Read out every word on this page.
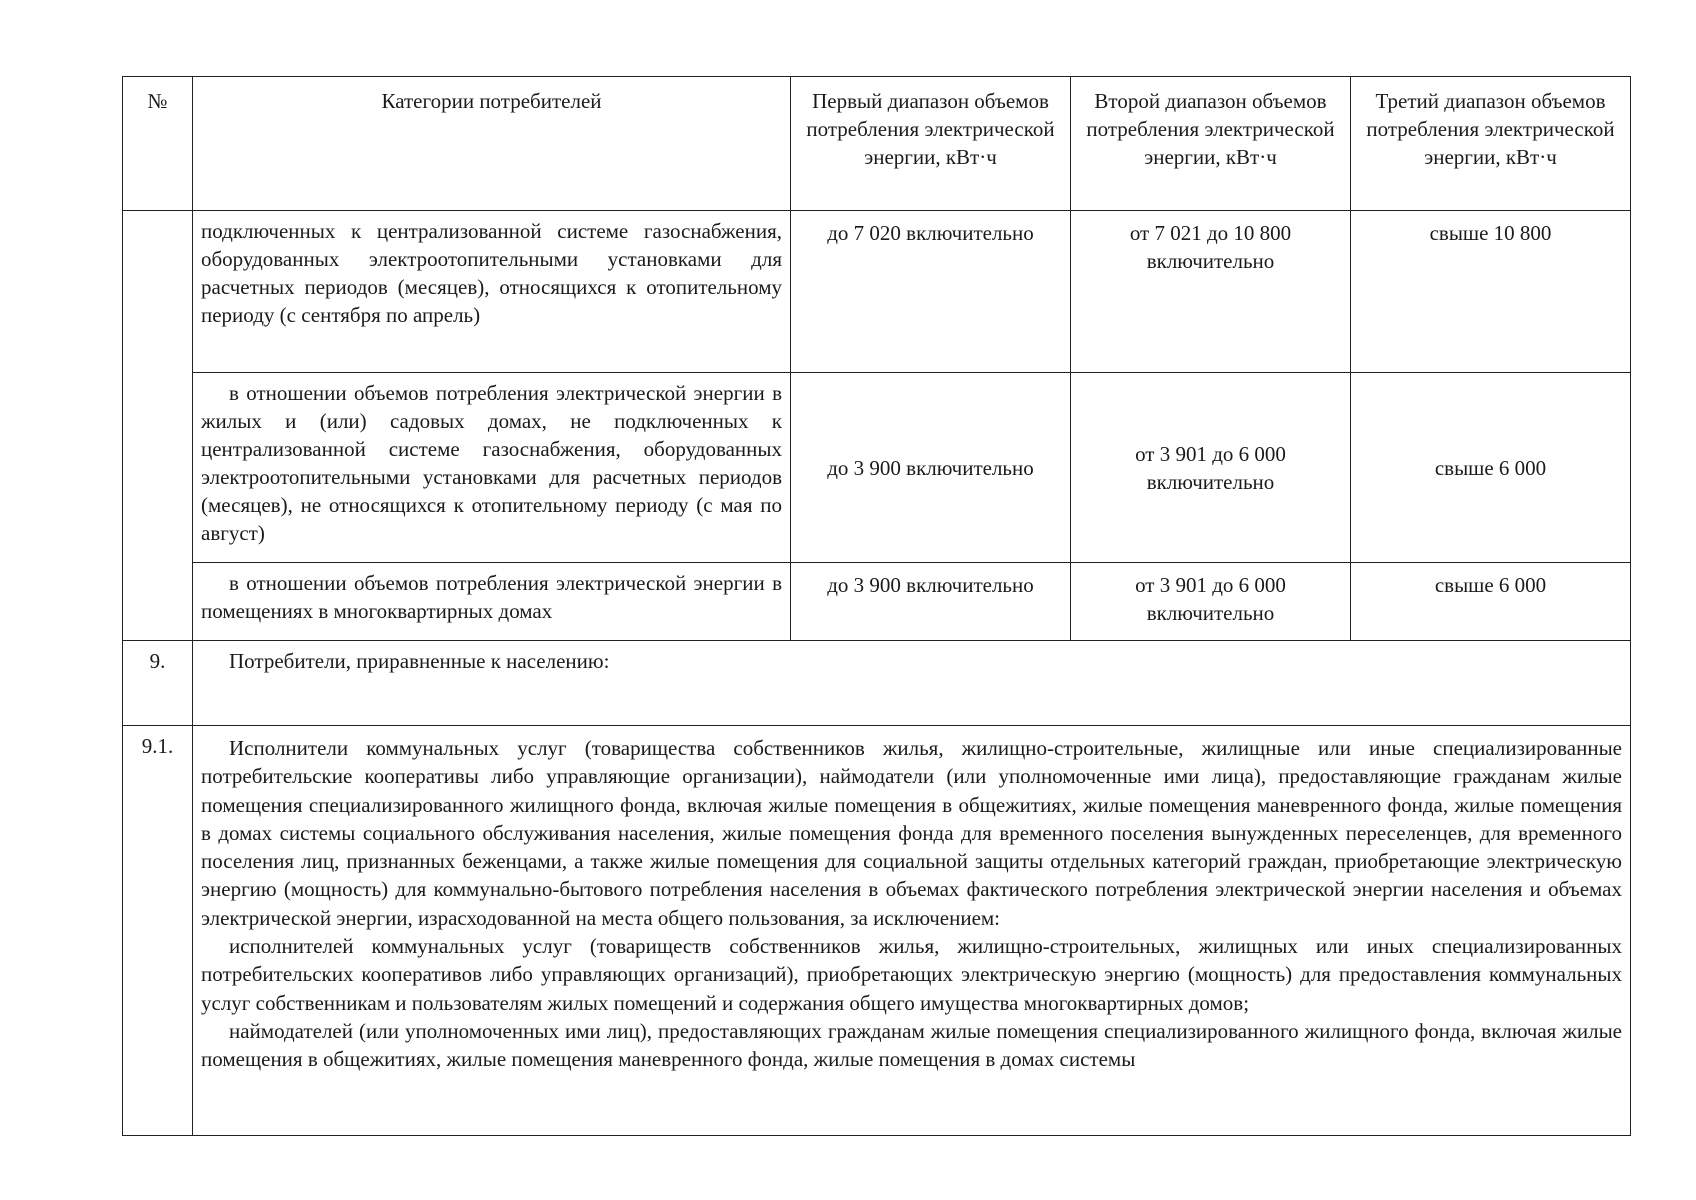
№	Категории потребителей	Первый диапазон объемов потребления электрической энергии, кВт·ч	Второй диапазон объемов потребления электрической энергии, кВт·ч	Третий диапазон объемов потребления электрической энергии, кВт·ч

	подключенных к централизованной системе газоснабжения, оборудованных электроотопительными установками для расчетных периодов (месяцев), относящихся к отопительному периоду (с сентября по апрель)	до 7 020 включительно	от 7 021 до 10 800 включительно	свыше 10 800

	в отношении объемов потребления электрической энергии в жилых и (или) садовых домах, не подключенных к централизованной системе газоснабжения, оборудованных электроотопительными установками для расчетных периодов (месяцев), не относящихся к отопительному периоду (с мая по август)	до 3 900 включительно	от 3 901 до 6 000 включительно	свыше 6 000

	в отношении объемов потребления электрической энергии в помещениях в многоквартирных домах	до 3 900 включительно	от 3 901 до 6 000 включительно	свыше 6 000
9.	Потребители, приравненные к населению:			

9.1.	Исполнители коммунальных услуг (товарищества собственников жилья, жилищно-строительные, жилищные или иные специализированные потребительские кооперативы либо управляющие организации), наймодатели (или уполномоченные ими лица), предоставляющие гражданам жилые помещения специализированного жилищного фонда, включая жилые помещения в общежитиях, жилые помещения маневренного фонда, жилые помещения в домах системы социального обслуживания населения, жилые помещения фонда для временного поселения вынужденных переселенцев, для временного поселения лиц, признанных беженцами, а также жилые помещения для социальной защиты отдельных категорий граждан, приобретающие электрическую энергию (мощность) для коммунально-бытового потребления населения в объемах фактического потребления электрической энергии населения и объемах электрической энергии, израсходованной на места общего пользования, за исключением:

исполнителей коммунальных услуг (товариществ собственников жилья, жилищно-строительных, жилищных или иных специализированных потребительских кооперативов либо управляющих организаций), приобретающих электрическую энергию (мощность) для предоставления коммунальных услуг собственникам и пользователям жилых помещений и содержания общего имущества многоквартирных домов;

наймодателей (или уполномоченных ими лиц), предоставляющих гражданам жилые помещения специализированного жилищного фонда, включая жилые помещения в общежитиях, жилые помещения маневренного фонда, жилые помещения в домах системы			
